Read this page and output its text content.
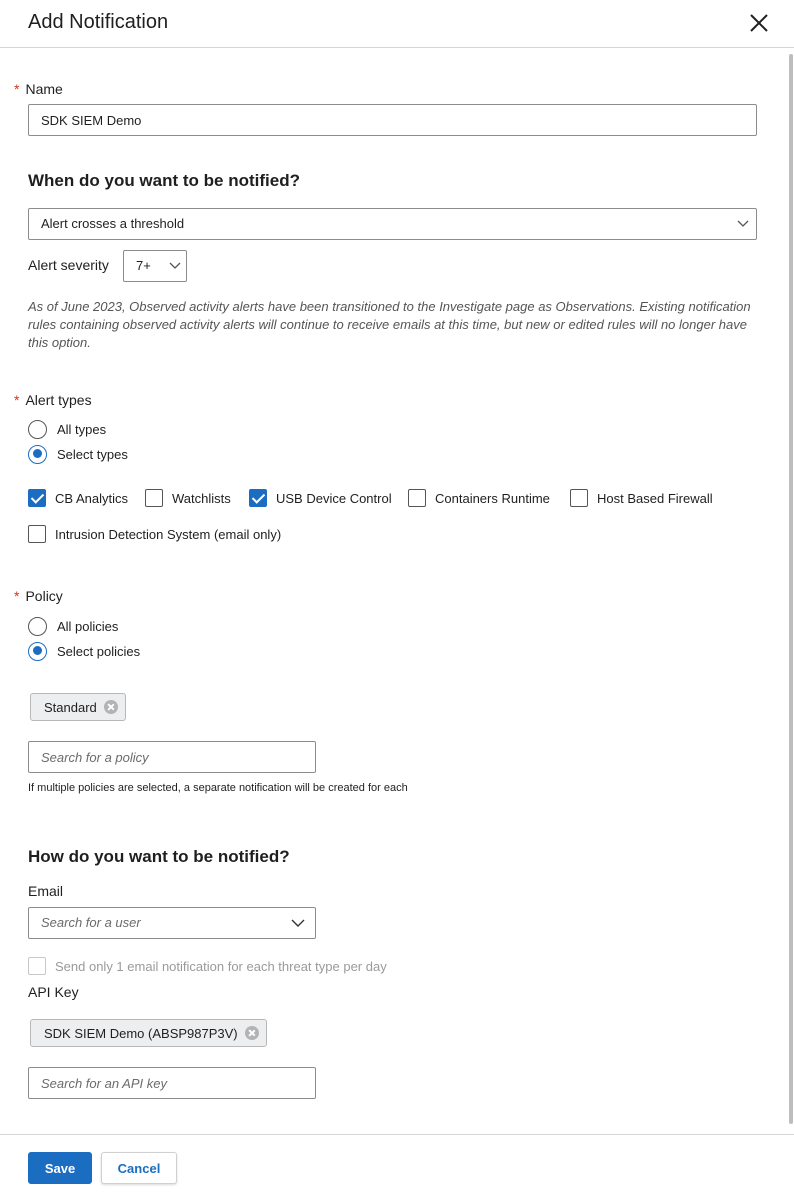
Add Notification
* Name
SDK SIEM Demo
When do you want to be notified?
Alert crosses a threshold
Alert severity	7+
As of June 2023, Observed activity alerts have been transitioned to the Investigate page as Observations. Existing notification rules containing observed activity alerts will continue to receive emails at this time, but new or edited rules will no longer have this option.
* Alert types
All types
Select types
CB Analytics	Watchlists	USB Device Control	Containers Runtime	Host Based Firewall
Intrusion Detection System (email only)
* Policy
All policies
Select policies
Standard
Search for a policy
If multiple policies are selected, a separate notification will be created for each
How do you want to be notified?
Email
Search for a user
Send only 1 email notification for each threat type per day
API Key
SDK SIEM Demo (ABSP987P3V)
Search for an API key
Save	Cancel
